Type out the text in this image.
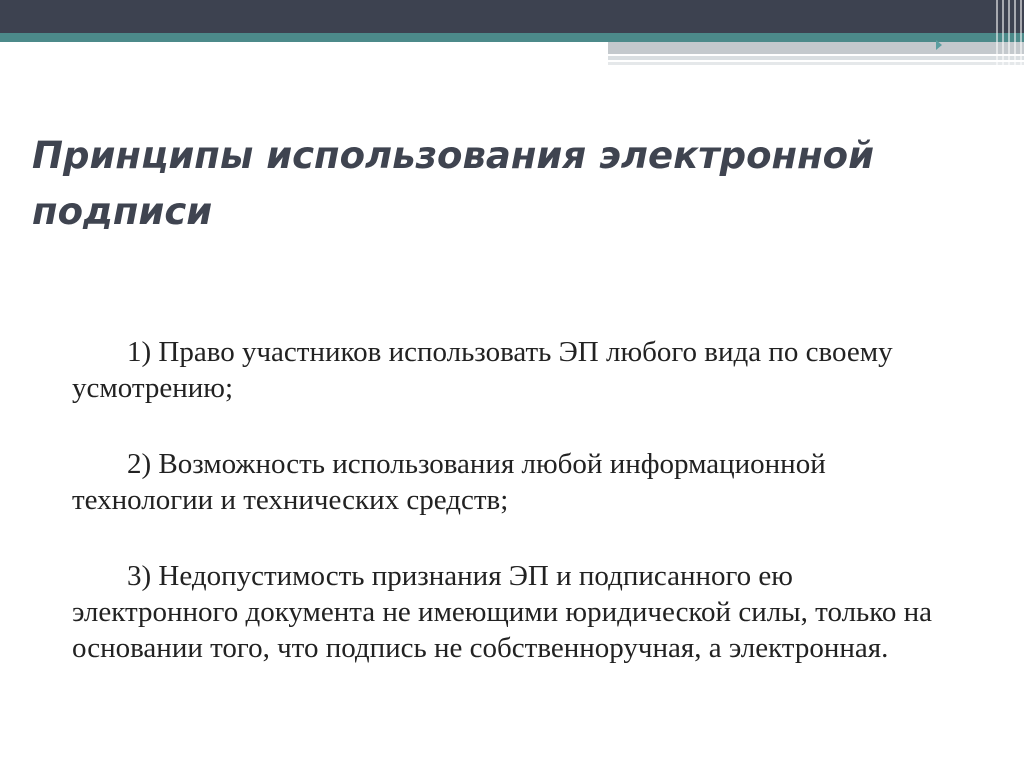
Принципы использования электронной подписи

1) Право участников использовать ЭП любого вида по своему усмотрению;

2) Возможность использования любой информационной технологии и технических средств;

3) Недопустимость признания ЭП и подписанного ею электронного документа не имеющими юридической силы, только на основании того, что подпись не собственноручная, а электронная.
